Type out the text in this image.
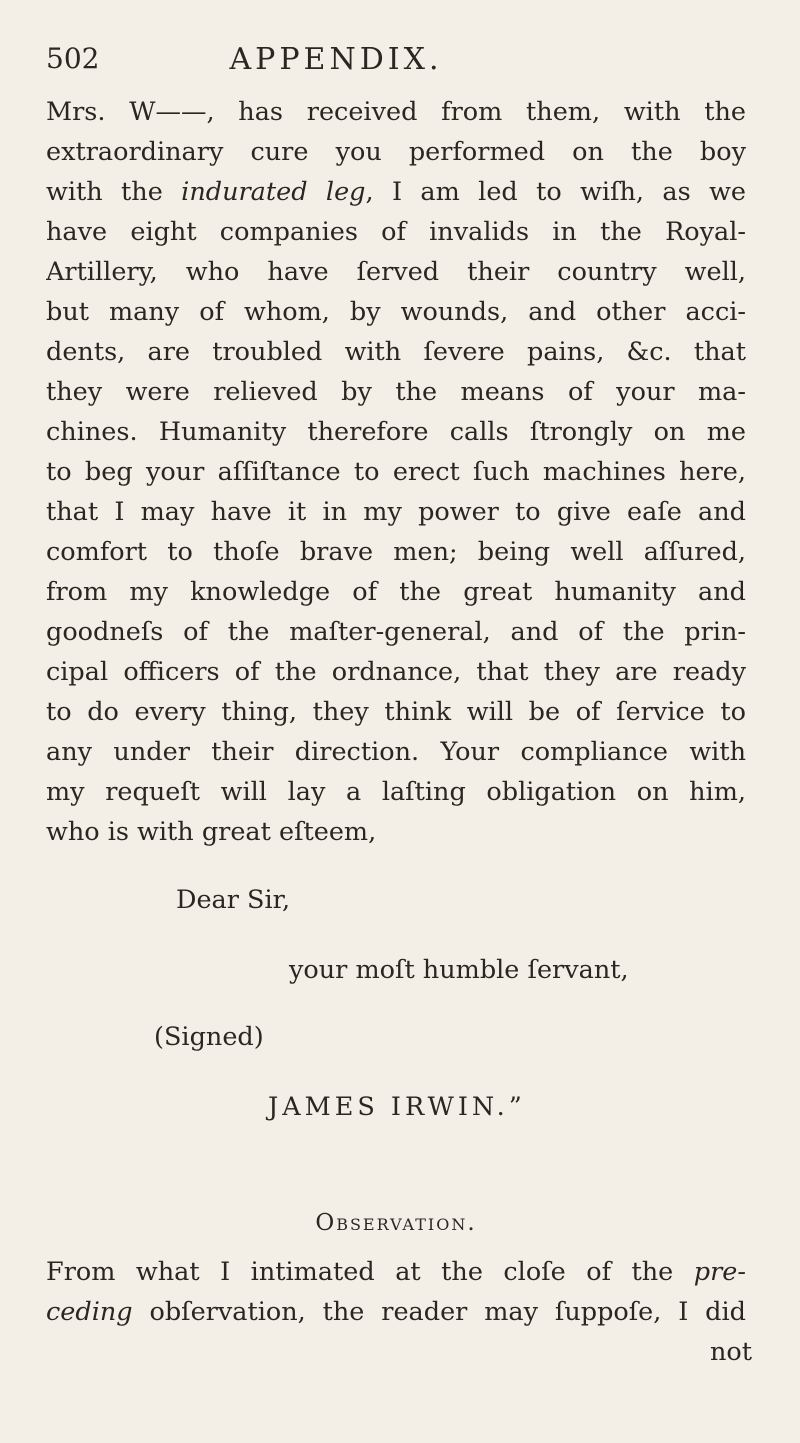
502	APPENDIX.
Mrs. W——, has received from them, with the
extraordinary cure you performed on the boy
with the indurated leg, I am led to wiſh, as we
have eight companies of invalids in the Royal-
Artillery, who have ſerved their country well,
but many of whom, by wounds, and other acci-
dents, are troubled with ſevere pains, &c. that
they were relieved by the means of your ma-
chines. Humanity therefore calls ſtrongly on me
to beg your aſſiſtance to erect ſuch machines here,
that I may have it in my power to give eaſe and
comfort to thoſe brave men; being well aſſured,
from my knowledge of the great humanity and
goodneſs of the maſter-general, and of the prin-
cipal officers of the ordnance, that they are ready
to do every thing, they think will be of ſervice to
any under their direction. Your compliance with
my requeſt will lay a laſting obligation on him,
who is with great eſteem,
Dear Sir,
your moſt humble ſervant,
(Signed)
JAMES IRWIN.”
Observation.
From what I intimated at the cloſe of the pre-
ceding obſervation, the reader may ſuppoſe, I did
not
